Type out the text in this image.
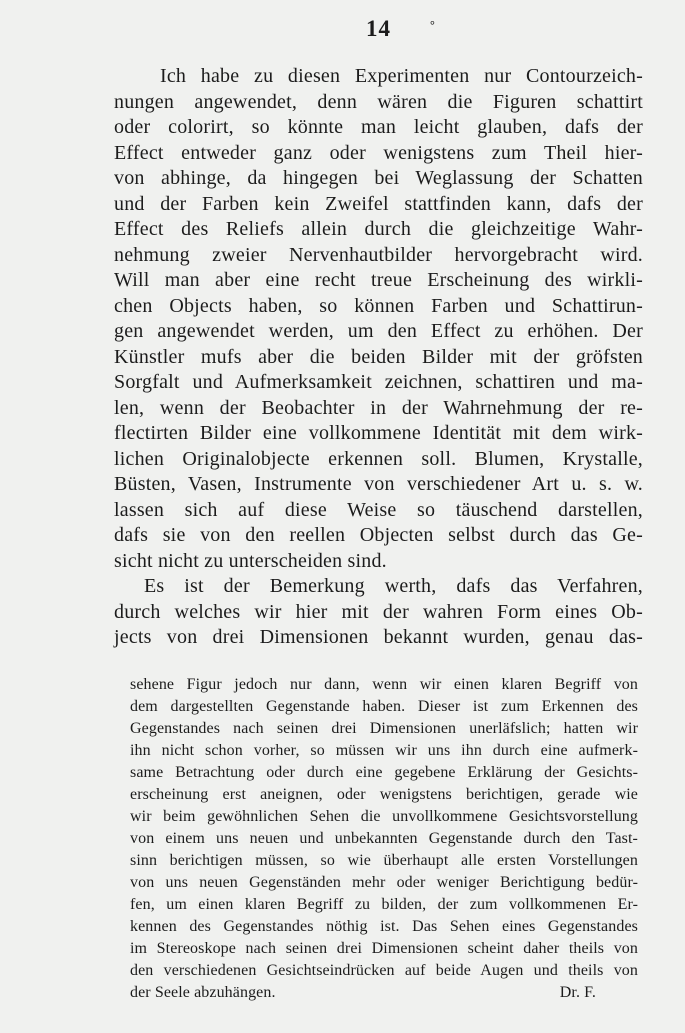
14	°

Ich habe zu diesen Experimenten nur Contourzeich-

nungen angewendet, denn wären die Figuren schattirt

oder colorirt, so könnte man leicht glauben, dafs der

Effect entweder ganz oder wenigstens zum Theil hier-

von abhinge, da hingegen bei Weglassung der Schatten

und der Farben kein Zweifel stattfinden kann, dafs der

Effect des Reliefs allein durch die gleichzeitige Wahr-

nehmung zweier Nervenhautbilder hervorgebracht wird.

Will man aber eine recht treue Erscheinung des wirkli-

chen Objects haben, so können Farben und Schattirun-

gen angewendet werden, um den Effect zu erhöhen. Der

Künstler mufs aber die beiden Bilder mit der gröfsten

Sorgfalt und Aufmerksamkeit zeichnen, schattiren und ma-

len, wenn der Beobachter in der Wahrnehmung der re-

flectirten Bilder eine vollkommene Identität mit dem wirk-

lichen Originalobjecte erkennen soll. Blumen, Krystalle,

Büsten, Vasen, Instrumente von verschiedener Art u. s. w.

lassen sich auf diese Weise so täuschend darstellen,

dafs sie von den reellen Objecten selbst durch das Ge-

sicht nicht zu unterscheiden sind.

Es ist der Bemerkung werth, dafs das Verfahren,

durch welches wir hier mit der wahren Form eines Ob-

jects von drei Dimensionen bekannt wurden, genau das-

sehene Figur jedoch nur dann, wenn wir einen klaren Begriff von

dem dargestellten Gegenstande haben. Dieser ist zum Erkennen des

Gegenstandes nach seinen drei Dimensionen unerläfslich; hatten wir

ihn nicht schon vorher, so müssen wir uns ihn durch eine aufmerk-

same Betrachtung oder durch eine gegebene Erklärung der Gesichts-

erscheinung erst aneignen, oder wenigstens berichtigen, gerade wie

wir beim gewöhnlichen Sehen die unvollkommene Gesichtsvorstellung

von einem uns neuen und unbekannten Gegenstande durch den Tast-

sinn berichtigen müssen, so wie überhaupt alle ersten Vorstellungen

von uns neuen Gegenständen mehr oder weniger Berichtigung bedür-

fen, um einen klaren Begriff zu bilden, der zum vollkommenen Er-

kennen des Gegenstandes nöthig ist. Das Sehen eines Gegenstandes

im Stereoskope nach seinen drei Dimensionen scheint daher theils von

den verschiedenen Gesichtseindrücken auf beide Augen und theils von

der Seele abzuhängen.	Dr. F.
